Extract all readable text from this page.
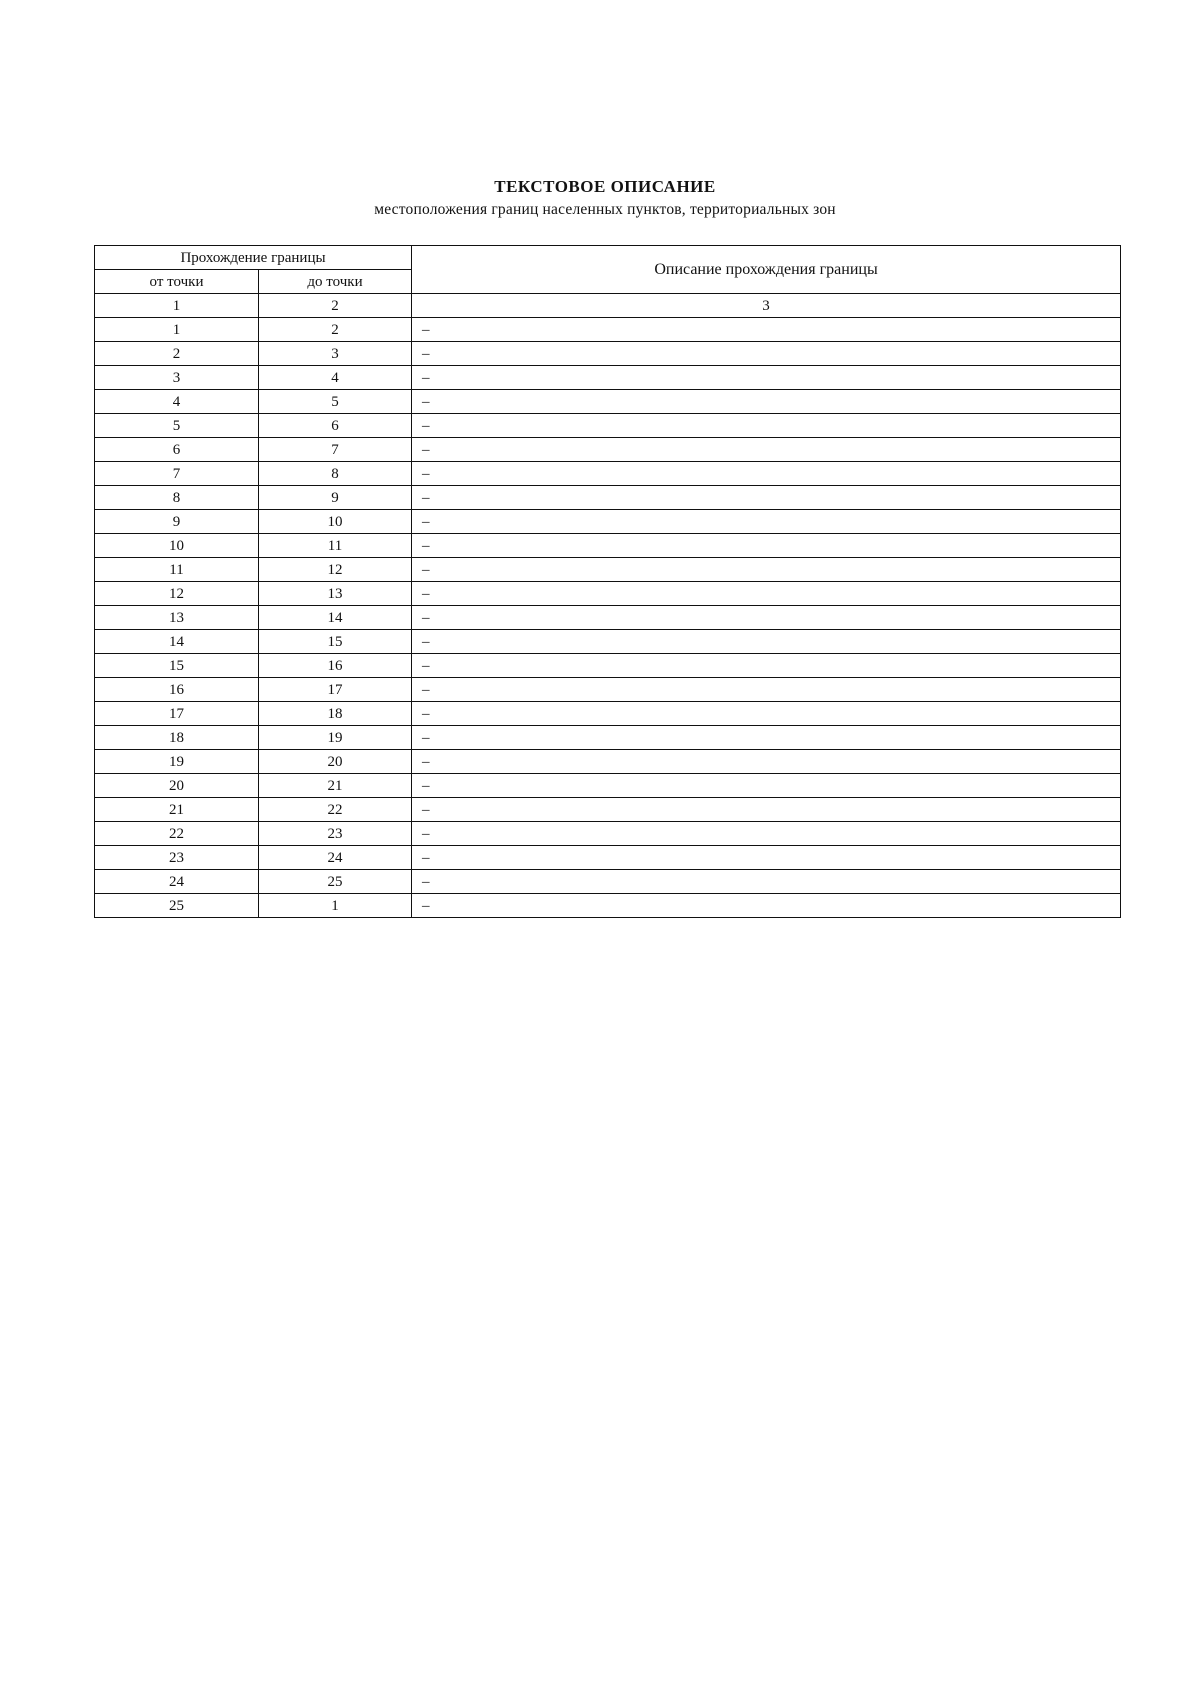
ТЕКСТОВОЕ ОПИСАНИЕ
местоположения границ населенных пунктов, территориальных зон
Прохождение границы		Описание прохождения границы
от точки	до точки	
1	2	3
1	2	–
2	3	–
3	4	–
4	5	–
5	6	–
6	7	–
7	8	–
8	9	–
9	10	–
10	11	–
11	12	–
12	13	–
13	14	–
14	15	–
15	16	–
16	17	–
17	18	–
18	19	–
19	20	–
20	21	–
21	22	–
22	23	–
23	24	–
24	25	–
25	1	–
